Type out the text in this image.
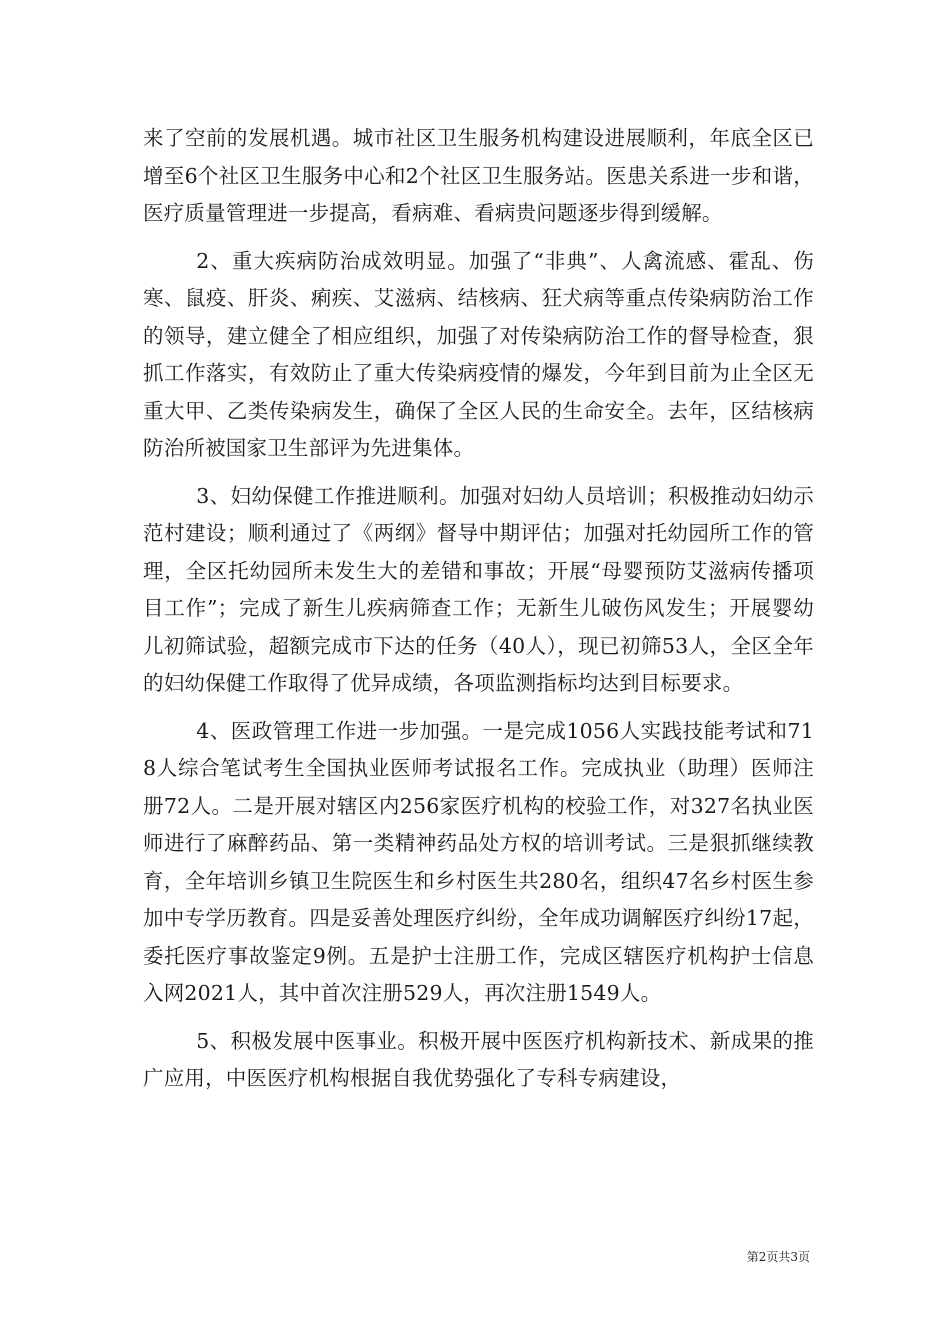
来了空前的发展机遇。城市社区卫生服务机构建设进展顺利，年底全区已增至6个社区卫生服务中心和2个社区卫生服务站。医患关系进一步和谐，医疗质量管理进一步提高，看病难、看病贵问题逐步得到缓解。

2、重大疾病防治成效明显。加强了“非典”、人禽流感、霍乱、伤寒、鼠疫、肝炎、痢疾、艾滋病、结核病、狂犬病等重点传染病防治工作的领导，建立健全了相应组织，加强了对传染病防治工作的督导检查，狠抓工作落实，有效防止了重大传染病疫情的爆发，今年到目前为止全区无重大甲、乙类传染病发生，确保了全区人民的生命安全。去年，区结核病防治所被国家卫生部评为先进集体。

3、妇幼保健工作推进顺利。加强对妇幼人员培训；积极推动妇幼示范村建设；顺利通过了《两纲》督导中期评估；加强对托幼园所工作的管理，全区托幼园所未发生大的差错和事故；开展“母婴预防艾滋病传播项目工作”；完成了新生儿疾病筛查工作；无新生儿破伤风发生；开展婴幼儿初筛试验，超额完成市下达的任务（40人），现已初筛53人，全区全年的妇幼保健工作取得了优异成绩，各项监测指标均达到目标要求。

4、医政管理工作进一步加强。一是完成1056人实践技能考试和718人综合笔试考生全国执业医师考试报名工作。完成执业（助理）医师注册72人。二是开展对辖区内256家医疗机构的校验工作，对327名执业医师进行了麻醉药品、第一类精神药品处方权的培训考试。三是狠抓继续教育，全年培训乡镇卫生院医生和乡村医生共280名，组织47名乡村医生参加中专学历教育。四是妥善处理医疗纠纷，全年成功调解医疗纠纷17起，委托医疗事故鉴定9例。五是护士注册工作，完成区辖医疗机构护士信息入网2021人，其中首次注册529人，再次注册1549人。

5、积极发展中医事业。积极开展中医医疗机构新技术、新成果的推广应用，中医医疗机构根据自我优势强化了专科专病建设，

第2页共3页
